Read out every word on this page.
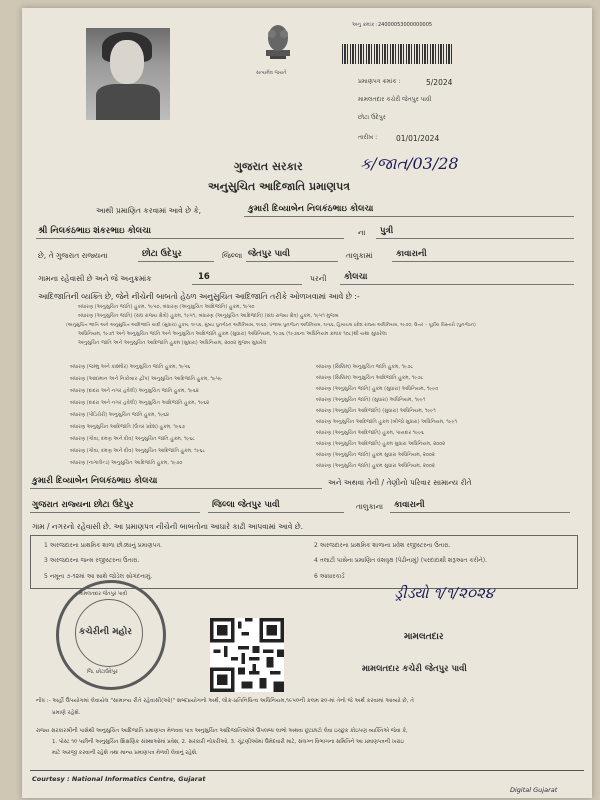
સત્યમેવ જયતે
અનુ ક્રમાંક : 24000053000000005
પ્રમાણપત્ર ક્રમાંક :	5/2024
મામલતદાર કચેરી જેતપુર પાવી
છોટા ઉદેપુર
તારીખ :	01/01/2024
ગુજરાત સરકાર	ક/જાત/03/28
અનુસુચિત આદિજાતિ પ્રમાણપત્ર
આથી પ્રમાણિત કરવામાં આવે છે કે,	કુમારી દિવ્યાબેન નિલકંઠભાઇ કોલચા
શ્રી નિલકંઠભાઇ શંકરભાઇ કોલચા	ના પુત્રી
છે, તે ગુજરાત રાજ્યના	છોટા ઉદેપુર	જિલ્લા જેતપુર પાવી	તાલુકામાં	કાવારાની
ગામના રહેવાસી છે અને જે અનુક્રમાંક	16	પરની કોલચા
આદિજાતિની વ્યક્તિ છે, જેને નીચેની બાબતો હેઠળ અનુસુચિત આદિજાતિ તરીકે ઓળખવામાં આવે છે :-
બંધારણ (અનુસુચિત જાતિ) હુકમ, ૧૯૫૦, બંધારણ (અનુસુચિત આદિજાતિ) હુકમ, ૧૯૫૦
બંધારણ (અનુસુચિત જાતિ) (સંઘ રાજ્ય ક્ષેત્રો) હુકમ, ૧૯૫૧, બંધારણ (અનુસુચિત આદિજાતિ) (સંઘ રાજ્ય ક્ષેત્ર) હુકમ, ૧૯૫૧ મુજબ
(અનુસુચિત જાતિ અને અનુસુચિત આદિજાતિ યાદી (સુધારા) હુકમ, ૧૯૫૬, મુંબઇ પુનર્ગઠન અધિનિયમ, ૧૯૬૦, પંજાબ પુનર્ગઠન અધિનિયમ, ૧૯૬૬, હિમાચલ પ્રદેશ રાજ્ય અધિનિયમ, ૧૯૭૦, ઉત્તર – પૂર્વીય વિસ્તારો (પુનર્ગઠન)
અધિનિયમ, ૧૯૭૧ અને અનુસુચિત જાતિ અને અનુસુચિત આદિજાતિ હુકમ (સુધારા) અધિનિયમ, ૧૯૭૬ (૧૯૭૬ના અધિનિયમ ક્રમાંક ૧૦૮)થી યથા સુધારેલા
અનુસુચિત જાતિ અને અનુસુચિત આદિજાતિ હુકમ (સુધારા) અધિનિયમ, ૨૦૦૨ મુજબ સુધારેલ
બંધારણ (જમ્મુ અને કાશ્મીર) અનુસુચિત જાતિ હુકમ, ૧૯૫૬
બંધારણ (આંદામાન અને નિકોબાર દ્વીપ) અનુસુચિત આદિજાતિ હુકમ, ૧૯૫૯
બંધારણ (દાદરા અને નગર હવેલી) અનુસુચિત જાતિ હુકમ, ૧૯૬૨
બંધારણ (દાદરા અને નગર હવેલી) અનુસુચિત આદિજાતિ હુકમ, ૧૯૬૨
બંધારણ (પોંડિચેરી) અનુસુચિત જાતિ હુકમ, ૧૯૬૪
બંધારણ અનુસુચિત આદિજાતિ (ઉત્તર પ્રદેશ) હુકમ, ૧૯૬૭
બંધારણ (ગોવા, દમણ અને દીવ) અનુસુચિત જાતિ હુકમ, ૧૯૬૮
બંધારણ (ગોવા, દમણ અને દીવ) અનુસુચિત આદિજાતિ હુકમ, ૧૯૬૮
બંધારણ (નાગાલેન્ડ) અનુસુચિત આદિજાતિ હુકમ, ૧૯૭૦
બંધારણ (સિક્કિમ) અનુસુચિત જાતિ હુકમ, ૧૯૭૮
બંધારણ (સિક્કિમ) અનુસુચિત આદિજાતિ હુકમ, ૧૯૭૮
બંધારણ (અનુસુચિત જાતિ) હુકમ (સુધારા) અધિનિયમ, ૧૯૯૦
બંધારણ (અનુસુચિત જાતિ) (સુધારા) અધિનિયમ, ૧૯૯૧
બંધારણ (અનુસુચિત આદિજાતિ) (સુધારા) અધિનિયમ, ૧૯૯૧
બંધારણ અનુસુચિત આદિજાતિ હુકમ (બીજો સુધારા) અધિનિયમ, ૧૯૯૧
બંધારણ (અનુસુચિત આદિજાતિ) હુકમ, પાયદાર ૧૯૯૬
બંધારણ (અનુસુચિત આદિજાતિ) હુકમ સુધારા અધિનિયમ, ૨૦૦૨
બંધારણ (અનુસુચિત જાતિ) હુકમ સુધારા અધિનિયમ, ૨૦૦૨
બંધારણ (અનુસુચિત જાતિ) હુકમ સુધારા અધિનિયમ, ૨૦૦૨
કુમારી દિવ્યાબેન નિલકંઠભાઇ કોલચા	અને અથવા તેની / તેણીનો પરિવાર સામાન્ય રીતે
ગુજરાત રાજ્યના છોટા ઉદેપુર	જિલ્લા જેતપુર પાવી	તાલુકાના કાવારાની
ગામ / નગરનો રહેવાસી છે. આ પ્રમાણપત્ર નીચેની બાબતોના આધારે કાઢી આપવામાં આવે છે.
1 અરજદારના પ્રાથમિક શાળા છોડ્યાનું પ્રમાણપત્ર.	2 અરજદારના પ્રાથમિક શાળાના પ્રવેશ રજીસ્ટરના ઉતારા.
3 અરજદારના જન્મ રજીસ્ટરના ઉતારા.	4 તલાટી પાસેના પ્રમાણિત વંશવૃક્ષ (પેઢીનામું) (પરદાદાથી શરૂઆત કરીને).
5 નમૂના ૭-૧૨માં આ સાથે જોડેલ સોગંદનામું.	6 આધારકાર્ડ
મામલતદાર જેતપુર પાવી
કચેરીની મહોર
જિ. છોટાઉદેપુર
ડ્રીડ્યો ૧/૧/૨૦૨૪
મામલતદાર
મામલતદાર કચેરી જેતપુર પાવી
નોંધ :- અહીં ઉપયોગમાં લેવાયેલ "સામાન્ય રીતે રહેવાસી(ઓ)" શબ્દપ્રયોગનો અર્થ, લોક-પ્રતિનિધિત્વ અધિનિયમ,૧૯૫૦ની કલમ ૨૦-માં તેનો જે અર્થ કરવામાં આવ્યો છે, તે
પ્રમાણે રહેશે.
રાજ્ય સરકારશ્રીની પાસેથી અનુસુચિત આદિજાતિ પ્રમાણપત્ર મેળવવા પાત્ર અનુસુચિત આદિજાતિઓએ ઉપલબ્ધ લાભો અથવા છૂટછાટો લેવા ઇચ્છુક કોઇપણ વ્યક્તિએ જેવા કે,
1. પોસ્ટ ૧૦ પછીની અનુસુચિત શિક્ષણિક સંસ્થાઓમાં પ્રવેશ, 2. સરકારી નોકરીઓ, 3. ચૂંટણીઓમાં ઉમેદવારી માટે, સંલગ્ન વિભાગના સમિતિને આ પ્રમાણપત્રની ખરાઇ
માટે અરજી કરવાની રહેશે તથા માન્ય પ્રમાણપત્ર મેળવી લેવાનું રહેશે.
Courtesy : National Informatics Centre, Gujarat
Digital Gujarat
